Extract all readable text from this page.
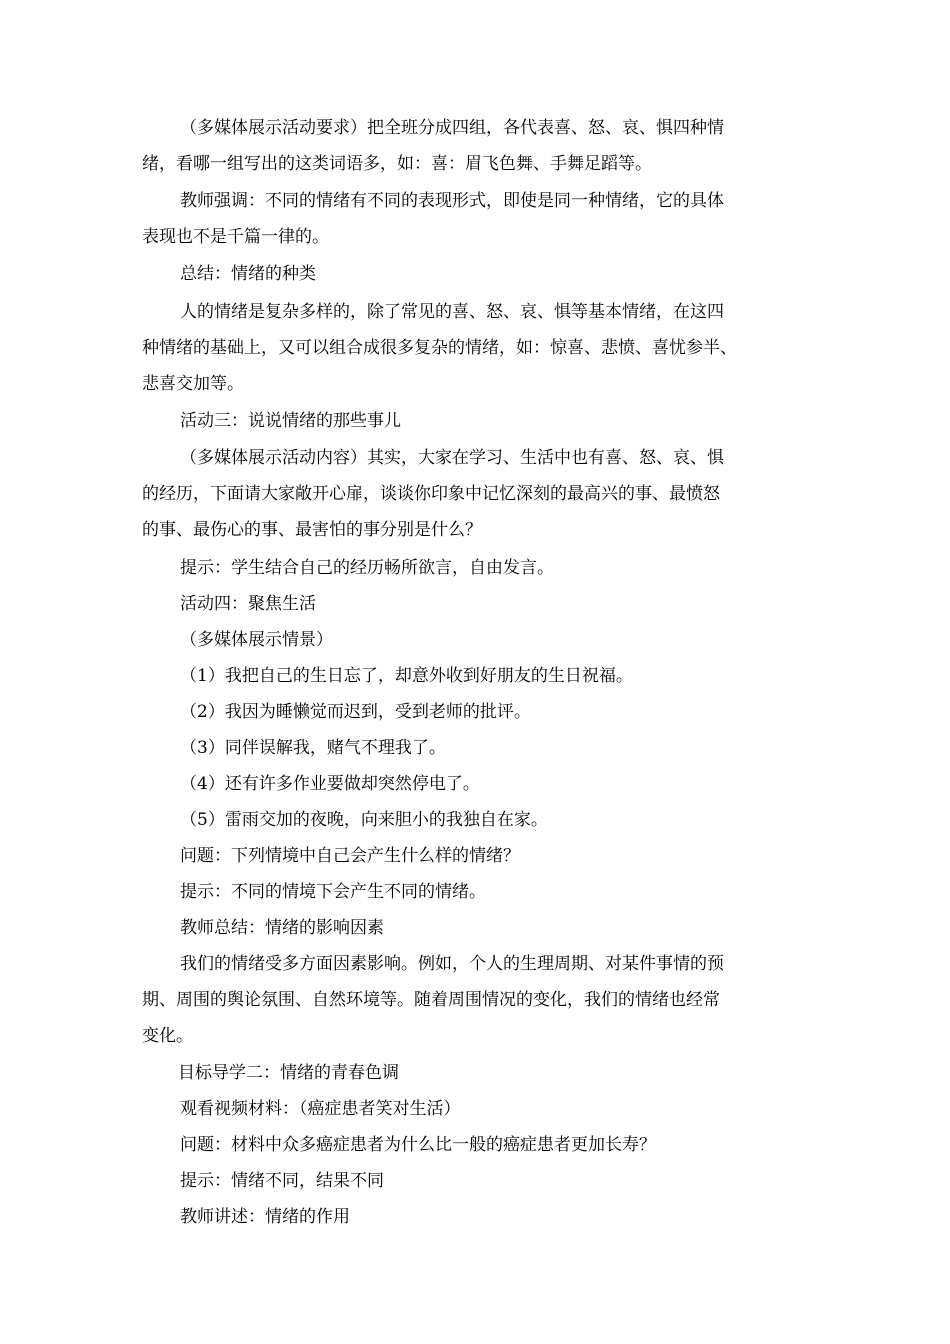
（多媒体展示活动要求）把全班分成四组，各代表喜、怒、哀、惧四种情
绪，看哪一组写出的这类词语多，如：喜：眉飞色舞、手舞足蹈等。
教师强调：不同的情绪有不同的表现形式，即使是同一种情绪，它的具体
表现也不是千篇一律的。
总结：情绪的种类
人的情绪是复杂多样的，除了常见的喜、怒、哀、惧等基本情绪，在这四
种情绪的基础上，又可以组合成很多复杂的情绪，如：惊喜、悲愤、喜忧参半、
悲喜交加等。
活动三：说说情绪的那些事儿
（多媒体展示活动内容）其实，大家在学习、生活中也有喜、怒、哀、惧
的经历，下面请大家敞开心扉，谈谈你印象中记忆深刻的最高兴的事、最愤怒
的事、最伤心的事、最害怕的事分别是什么？
提示：学生结合自己的经历畅所欲言，自由发言。
活动四：聚焦生活
（多媒体展示情景）
（1）我把自己的生日忘了，却意外收到好朋友的生日祝福。
（2）我因为睡懒觉而迟到，受到老师的批评。
（3）同伴误解我，赌气不理我了。
（4）还有许多作业要做却突然停电了。
（5）雷雨交加的夜晚，向来胆小的我独自在家。
问题：下列情境中自己会产生什么样的情绪？
提示：不同的情境下会产生不同的情绪。
教师总结：情绪的影响因素
我们的情绪受多方面因素影响。例如，个人的生理周期、对某件事情的预
期、周围的舆论氛围、自然环境等。随着周围情况的变化，我们的情绪也经常
变化。
目标导学二：情绪的青春色调
观看视频材料：（癌症患者笑对生活）
问题：材料中众多癌症患者为什么比一般的癌症患者更加长寿？
提示：情绪不同，结果不同
教师讲述：情绪的作用
